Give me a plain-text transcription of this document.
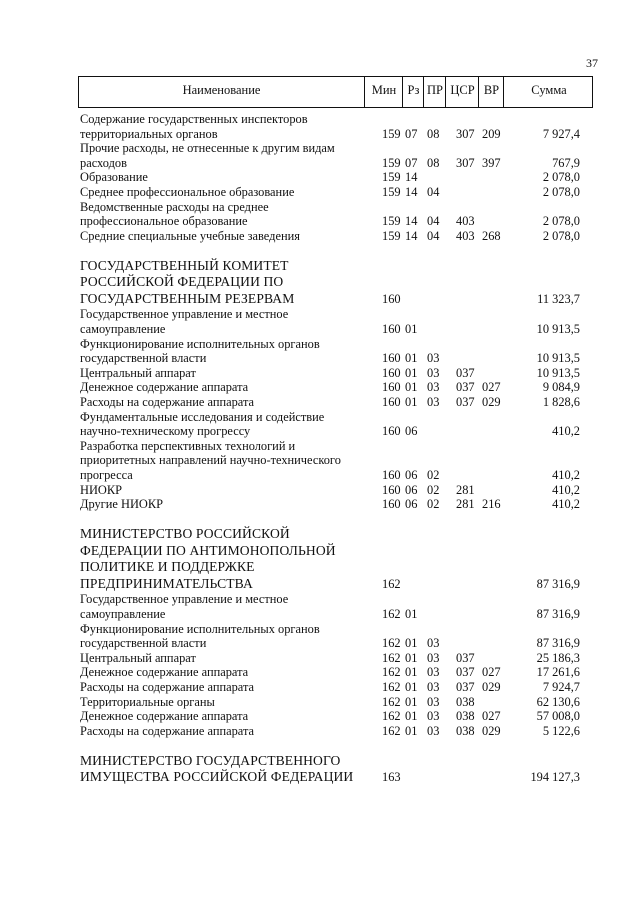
37
Наименование	Мин Рз ПР ЦСР ВР	Сумма
Содержание государственных инспекторов
территориальных органов	159 07 08 307 209	7 927,4
Прочие расходы, не отнесенные к другим видам
расходов	159 07 08 307 397	767,9
Образование	159 14	2 078,0
Среднее профессиональное образование	159 14 04	2 078,0
Ведомственные расходы на среднее
профессиональное образование	159 14 04 403	2 078,0
Средние специальные учебные заведения	159 14 04 403 268	2 078,0
ГОСУДАРСТВЕННЫЙ КОМИТЕТ
РОССИЙСКОЙ ФЕДЕРАЦИИ ПО
ГОСУДАРСТВЕННЫМ РЕЗЕРВАМ	160	11 323,7
Государственное управление и местное
самоуправление	160 01	10 913,5
Функционирование исполнительных органов
государственной власти	160 01 03	10 913,5
Центральный аппарат	160 01 03 037	10 913,5
Денежное содержание аппарата	160 01 03 037 027	9 084,9
Расходы на содержание аппарата	160 01 03 037 029	1 828,6
Фундаментальные исследования и содействие
научно-техническому прогрессу	160 06	410,2
Разработка перспективных технологий и
приоритетных направлений научно-технического
прогресса	160 06 02	410,2
НИОКР	160 06 02 281	410,2
Другие НИОКР	160 06 02 281 216	410,2
МИНИСТЕРСТВО РОССИЙСКОЙ
ФЕДЕРАЦИИ ПО АНТИМОНОПОЛЬНОЙ
ПОЛИТИКЕ И ПОДДЕРЖКЕ
ПРЕДПРИНИМАТЕЛЬСТВА	162	87 316,9
Государственное управление и местное
самоуправление	162 01	87 316,9
Функционирование исполнительных органов
государственной власти	162 01 03	87 316,9
Центральный аппарат	162 01 03 037	25 186,3
Денежное содержание аппарата	162 01 03 037 027	17 261,6
Расходы на содержание аппарата	162 01 03 037 029	7 924,7
Территориальные органы	162 01 03 038	62 130,6
Денежное содержание аппарата	162 01 03 038 027	57 008,0
Расходы на содержание аппарата	162 01 03 038 029	5 122,6
МИНИСТЕРСТВО ГОСУДАРСТВЕННОГО
ИМУЩЕСТВА РОССИЙСКОЙ ФЕДЕРАЦИИ 163	194 127,3
